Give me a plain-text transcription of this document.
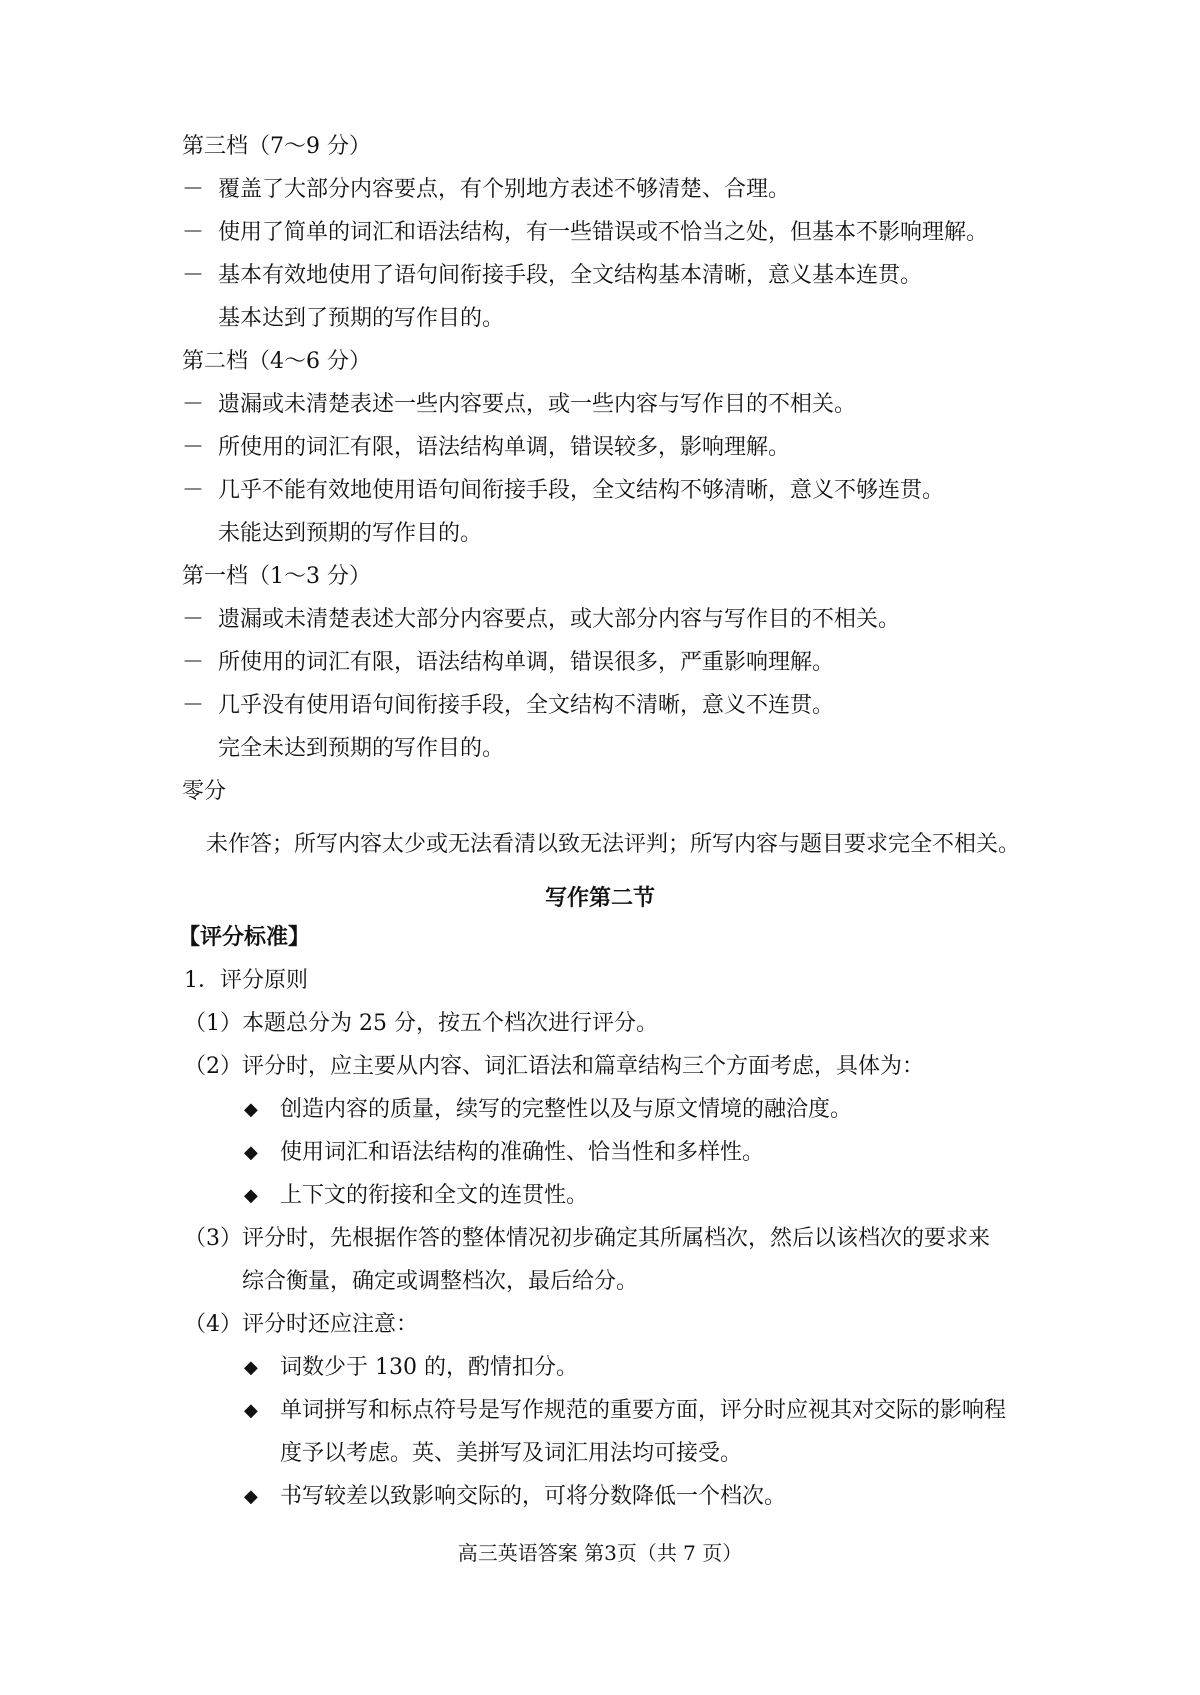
第三档（7～9 分）
－ 覆盖了大部分内容要点，有个别地方表述不够清楚、合理。
－ 使用了简单的词汇和语法结构，有一些错误或不恰当之处，但基本不影响理解。
－ 基本有效地使用了语句间衔接手段，全文结构基本清晰，意义基本连贯。
基本达到了预期的写作目的。
第二档（4～6 分）
－ 遗漏或未清楚表述一些内容要点，或一些内容与写作目的不相关。
－ 所使用的词汇有限，语法结构单调，错误较多，影响理解。
－ 几乎不能有效地使用语句间衔接手段，全文结构不够清晰，意义不够连贯。
未能达到预期的写作目的。
第一档（1～3 分）
－ 遗漏或未清楚表述大部分内容要点，或大部分内容与写作目的不相关。
－ 所使用的词汇有限，语法结构单调，错误很多，严重影响理解。
－ 几乎没有使用语句间衔接手段，全文结构不清晰，意义不连贯。
完全未达到预期的写作目的。
零分
未作答；所写内容太少或无法看清以致无法评判；所写内容与题目要求完全不相关。
写作第二节
【评分标准】
1．评分原则
（1）本题总分为 25 分，按五个档次进行评分。
（2）评分时，应主要从内容、词汇语法和篇章结构三个方面考虑，具体为：
◆ 创造内容的质量，续写的完整性以及与原文情境的融洽度。
◆ 使用词汇和语法结构的准确性、恰当性和多样性。
◆ 上下文的衔接和全文的连贯性。
（3）评分时，先根据作答的整体情况初步确定其所属档次，然后以该档次的要求来
综合衡量，确定或调整档次，最后给分。
（4）评分时还应注意：
◆ 词数少于 130 的，酌情扣分。
◆ 单词拼写和标点符号是写作规范的重要方面，评分时应视其对交际的影响程
度予以考虑。英、美拼写及词汇用法均可接受。
◆ 书写较差以致影响交际的，可将分数降低一个档次。
高三英语答案 第3页（共 7 页）
